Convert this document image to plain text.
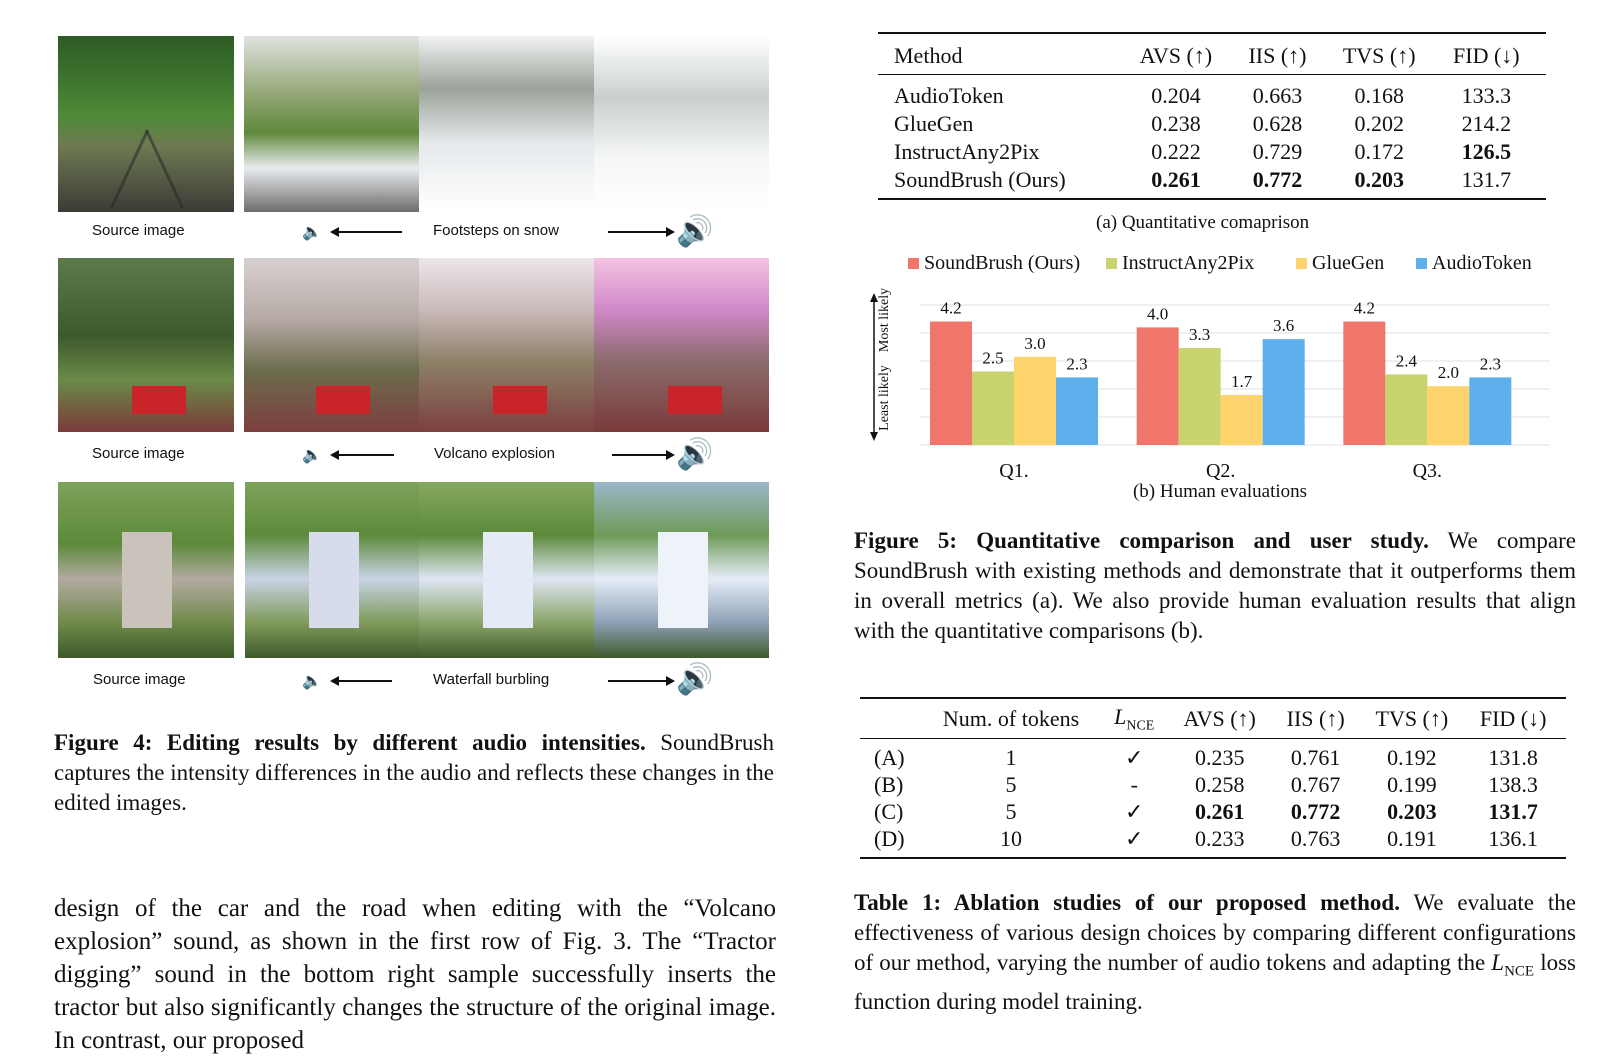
Source image	🔈	Footsteps on snow	🔊
Source image	🔈	Volcano explosion	🔊
Source image	🔈	Waterfall burbling	🔊
Figure 4: Editing results by different audio intensities. SoundBrush captures the intensity differences in the audio and reflects these changes in the edited images.
design of the car and the road when editing with the “Volcano explosion” sound, as shown in the first row of Fig. 3. The “Tractor digging” sound in the bottom right sample successfully inserts the tractor but also significantly changes the structure of the original image. In contrast, our proposed
Method	AVS (↑)	IIS (↑)	TVS (↑)	FID (↓)

AudioToken	0.204	0.663	0.168	133.3
GlueGen	0.238	0.628	0.202	214.2
InstructAny2Pix	0.222	0.729	0.172	126.5
SoundBrush (Ours)	0.261	0.772	0.203	131.7
(a) Quantitative comaprison
SoundBrush (Ours) InstructAny2Pix	GlueGen AudioToken
Most likely
Least likely
4.2
2.5
3.0
2.3
Q1.
4.0
3.3
1.7
3.6
Q2.
4.2
2.4
2.0 2.3
Q3.
(b) Human evaluations
Figure 5: Quantitative comparison and user study. We compare SoundBrush with existing methods and demonstrate that it outperforms them in overall metrics (a). We also provide human evaluation results that align with the quantitative comparisons (b).
	Num. of tokens	$L_{NCE}$	AVS (↑)	IIS (↑)	TVS (↑)	FID (↓)

(A)	1	✓	0.235	0.761	0.192	131.8
(B)	5	-	0.258	0.767	0.199	138.3
(C)	5	✓	0.261	0.772	0.203	131.7
(D)	10	✓	0.233	0.763	0.191	136.1
Table 1: Ablation studies of our proposed method. We evaluate the effectiveness of various design choices by comparing different configurations of our method, varying the number of audio tokens and adapting the $L_{NCE}$ loss function during model training.
